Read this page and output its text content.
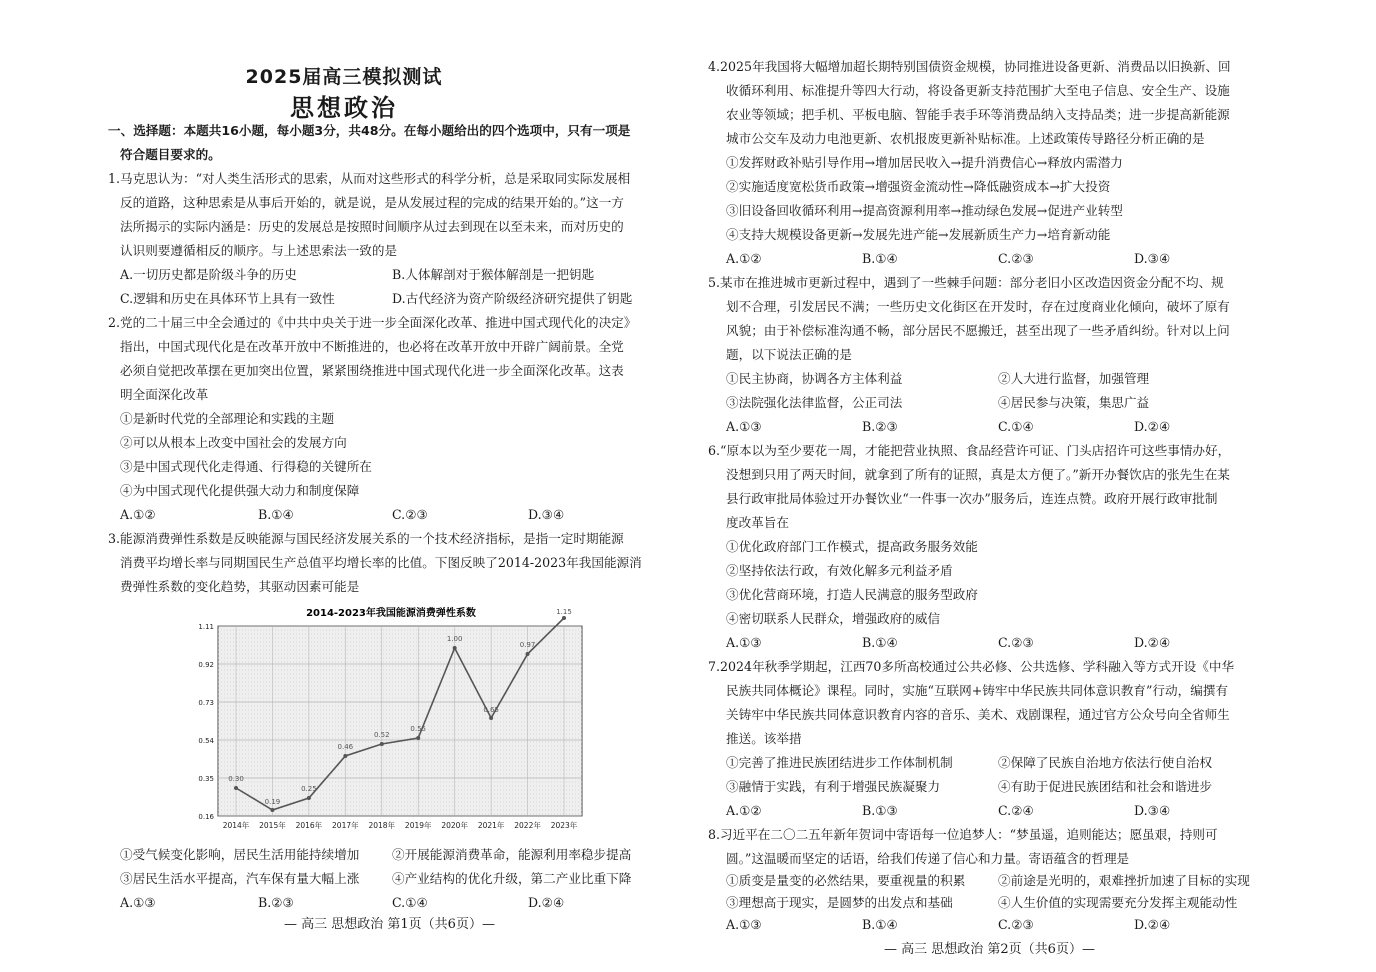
2025届高三模拟测试
思想政治
一、选择题：本题共16小题，每小题3分，共48分。在每小题给出的四个选项中，只有一项是
符合题目要求的。
1.马克思认为：“对人类生活形式的思索，从而对这些形式的科学分析，总是采取同实际发展相
反的道路，这种思索是从事后开始的，就是说，是从发展过程的完成的结果开始的。”这一方
法所揭示的实际内涵是：历史的发展总是按照时间顺序从过去到现在以至未来，而对历史的
认识则要遵循相反的顺序。与上述思索法一致的是
A.一切历史都是阶级斗争的历史	B.人体解剖对于猴体解剖是一把钥匙
C.逻辑和历史在具体环节上具有一致性	D.古代经济为资产阶级经济研究提供了钥匙
2.党的二十届三中全会通过的《中共中央关于进一步全面深化改革、推进中国式现代化的决定》
指出，中国式现代化是在改革开放中不断推进的，也必将在改革开放中开辟广阔前景。全党
必须自觉把改革摆在更加突出位置，紧紧围绕推进中国式现代化进一步全面深化改革。这表
明全面深化改革
①是新时代党的全部理论和实践的主题
②可以从根本上改变中国社会的发展方向
③是中国式现代化走得通、行得稳的关键所在
④为中国式现代化提供强大动力和制度保障
A.①②	B.①④	C.②③	D.③④
3.能源消费弹性系数是反映能源与国民经济发展关系的一个技术经济指标，是指一定时期能源
消费平均增长率与同期国民生产总值平均增长率的比值。下图反映了2014-2023年我国能源消
费弹性系数的变化趋势，其驱动因素可能是
2014-2023年我国能源消费弹性系数
0.16
0.35
0.54
0.73
0.92
1.11
2014年 2015年 2016年 2017年 2018年 2019年 2020年 2021年 2022年 2023年
0.30
0.19
0.25
0.46
0.52
0.55
1.00
0.65
0.97
1.15
①受气候变化影响，居民生活用能持续增加	②开展能源消费革命，能源利用率稳步提高
③居民生活水平提高，汽车保有量大幅上涨	④产业结构的优化升级，第二产业比重下降
A.①③	B.②③	C.①④	D.②④
— 高三 思想政治 第1页（共6页）—
4.2025年我国将大幅增加超长期特别国债资金规模，协同推进设备更新、消费品以旧换新、回
收循环利用、标准提升等四大行动，将设备更新支持范围扩大至电子信息、安全生产、设施
农业等领域；把手机、平板电脑、智能手表手环等消费品纳入支持品类；进一步提高新能源
城市公交车及动力电池更新、农机报废更新补贴标准。上述政策传导路径分析正确的是
①发挥财政补贴引导作用→增加居民收入→提升消费信心→释放内需潜力
②实施适度宽松货币政策→增强资金流动性→降低融资成本→扩大投资
③旧设备回收循环利用→提高资源利用率→推动绿色发展→促进产业转型
④支持大规模设备更新→发展先进产能→发展新质生产力→培育新动能
A.①②	B.①④	C.②③	D.③④
5.某市在推进城市更新过程中，遇到了一些棘手问题：部分老旧小区改造因资金分配不均、规
划不合理，引发居民不满；一些历史文化街区在开发时，存在过度商业化倾向，破坏了原有
风貌；由于补偿标准沟通不畅，部分居民不愿搬迁，甚至出现了一些矛盾纠纷。针对以上问
题，以下说法正确的是
①民主协商，协调各方主体利益	②人大进行监督，加强管理
③法院强化法律监督，公正司法	④居民参与决策，集思广益
A.①③	B.②③	C.①④	D.②④
6.“原本以为至少要花一周，才能把营业执照、食品经营许可证、门头店招许可这些事情办好，
没想到只用了两天时间，就拿到了所有的证照，真是太方便了。”新开办餐饮店的张先生在某
县行政审批局体验过开办餐饮业“一件事一次办”服务后，连连点赞。政府开展行政审批制
度改革旨在
①优化政府部门工作模式，提高政务服务效能
②坚持依法行政，有效化解多元利益矛盾
③优化营商环境，打造人民满意的服务型政府
④密切联系人民群众，增强政府的威信
A.①③	B.①④	C.②③	D.②④
7.2024年秋季学期起，江西70多所高校通过公共必修、公共选修、学科融入等方式开设《中华
民族共同体概论》课程。同时，实施“互联网+铸牢中华民族共同体意识教育”行动，编撰有
关铸牢中华民族共同体意识教育内容的音乐、美术、戏剧课程，通过官方公众号向全省师生
推送。该举措
①完善了推进民族团结进步工作体制机制	②保障了民族自治地方依法行使自治权
③融情于实践，有利于增强民族凝聚力	④有助于促进民族团结和社会和谐进步
A.①②	B.①③	C.②④	D.③④
8.习近平在二〇二五年新年贺词中寄语每一位追梦人：“梦虽遥，追则能达；愿虽艰，持则可
圆。”这温暖而坚定的话语，给我们传递了信心和力量。寄语蕴含的哲理是
①质变是量变的必然结果，要重视量的积累	②前途是光明的，艰难挫折加速了目标的实现
③理想高于现实，是圆梦的出发点和基础	④人生价值的实现需要充分发挥主观能动性
A.①③	B.①④	C.②③	D.②④
— 高三 思想政治 第2页（共6页）—
